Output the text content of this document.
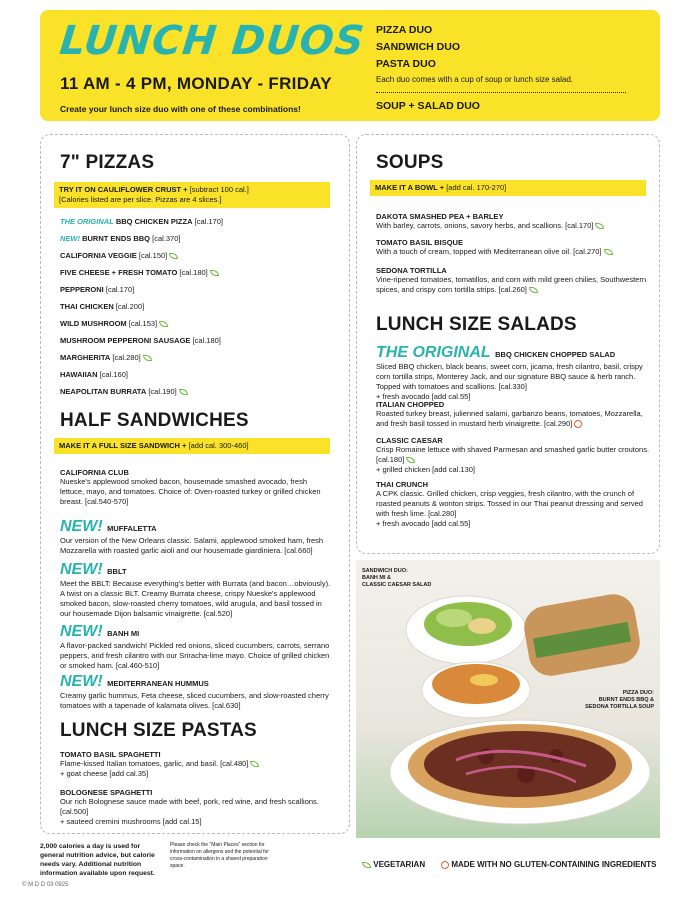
LUNCH DUOS
11 AM - 4 PM, MONDAY - FRIDAY
Create your lunch size duo with one of these combinations!
PIZZA DUO
SANDWICH DUO
PASTA DUO
Each duo comes with a cup of soup or lunch size salad.
SOUP + SALAD DUO
7" PIZZAS
TRY IT ON CAULIFLOWER CRUST + [subtract 100 cal.]
[Calories listed are per slice. Pizzas are 4 slices.]
THE ORIGINAL BBQ CHICKEN PIZZA [cal.170]
NEW! BURNT ENDS BBQ [cal.370]
CALIFORNIA VEGGIE [cal.150]
FIVE CHEESE + FRESH TOMATO [cal.180]
PEPPERONI [cal.170]
THAI CHICKEN [cal.200]
WILD MUSHROOM [cal.153]
MUSHROOM PEPPERONI SAUSAGE [cal.180]
MARGHERITA [cal.280]
HAWAIIAN [cal.160]
NEAPOLITAN BURRATA [cal.190]
HALF SANDWICHES
MAKE IT A FULL SIZE SANDWICH + [add cal. 300-460]
CALIFORNIA CLUB
Nueske's applewood smoked bacon, housemade smashed avocado, fresh lettuce, mayo, and tomatoes. Choice of: Oven-roasted turkey or grilled chicken breast. [cal.540-570]
NEW! MUFFALETTA
Our version of the New Orleans classic. Salami, applewood smoked ham, fresh Mozzarella with roasted garlic aioli and our housemade giardiniera. [cal.660]
NEW! BBLT
Meet the BBLT: Because everything's better with Burrata (and bacon…obviously). A twist on a classic BLT. Creamy Burrata cheese, crispy Nueske's applewood smoked bacon, slow-roasted cherry tomatoes, wild arugula, and basil tossed in our housemade Dijon balsamic vinaigrette. [cal.520]
NEW! BANH MI
A flavor-packed sandwich! Pickled red onions, sliced cucumbers, carrots, serrano peppers, and fresh cilantro with our Sriracha-lime mayo. Choice of grilled chicken or smoked ham. [cal.460-510]
NEW! MEDITERRANEAN HUMMUS
Creamy garlic hummus, Feta cheese, sliced cucumbers, and slow-roasted cherry tomatoes with a tapenade of kalamata olives. [cal.630]
LUNCH SIZE PASTAS
TOMATO BASIL SPAGHETTI
Flame-kissed Italian tomatoes, garlic, and basil. [cal.480]
+ goat cheese [add cal.35]
BOLOGNESE SPAGHETTI
Our rich Bolognese sauce made with beef, pork, red wine, and fresh scallions. [cal.500]
+ sauteed cremini mushrooms [add cal.15]
SOUPS
MAKE IT A BOWL + [add cal. 170-270]
DAKOTA SMASHED PEA + BARLEY
With barley, carrots, onions, savory herbs, and scallions. [cal.170]
TOMATO BASIL BISQUE
With a touch of cream, topped with Mediterranean olive oil. [cal.270]
SEDONA TORTILLA
Vine-ripened tomatoes, tomatillos, and corn with mild green chilies, Southwestern spices, and crispy corn tortilla strips. [cal.260]
LUNCH SIZE SALADS
THE ORIGINAL BBQ CHICKEN CHOPPED SALAD
Sliced BBQ chicken, black beans, sweet corn, jicama, fresh cilantro, basil, crispy corn tortilla strips, Monterey Jack, and our signature BBQ sauce & herb ranch. Topped with tomatoes and scallions. [cal.330]
+ fresh avocado [add cal.55]
ITALIAN CHOPPED
Roasted turkey breast, julienned salami, garbanzo beans, tomatoes, Mozzarella, and fresh basil tossed in mustard herb vinaigrette. [cal.290]
CLASSIC CAESAR
Crisp Romaine lettuce with shaved Parmesan and smashed garlic butter croutons. [cal.180]
+ grilled chicken [add cal.130]
THAI CRUNCH
A CPK classic. Grilled chicken, crisp veggies, fresh cilantro, with the crunch of roasted peanuts & wonton strips. Tossed in our Thai peanut dressing and served with fresh lime. [cal.280]
+ fresh avocado [add cal.55]
SANDWICH DUO:
BANH MI &
CLASSIC CAESAR SALAD
PIZZA DUO:
BURNT ENDS BBQ &
SEDONA TORTILLA SOUP
2,000 calories a day is used for general nutrition advice, but calorie needs vary. Additional nutrition information available upon request.
Please check the "Main Places" section for information on allergens and the potential for cross-contamination in a shared preparation space.	VEGETARIAN	MADE WITH NO GLUTEN-CONTAINING INGREDIENTS
© M D D 03 0925
